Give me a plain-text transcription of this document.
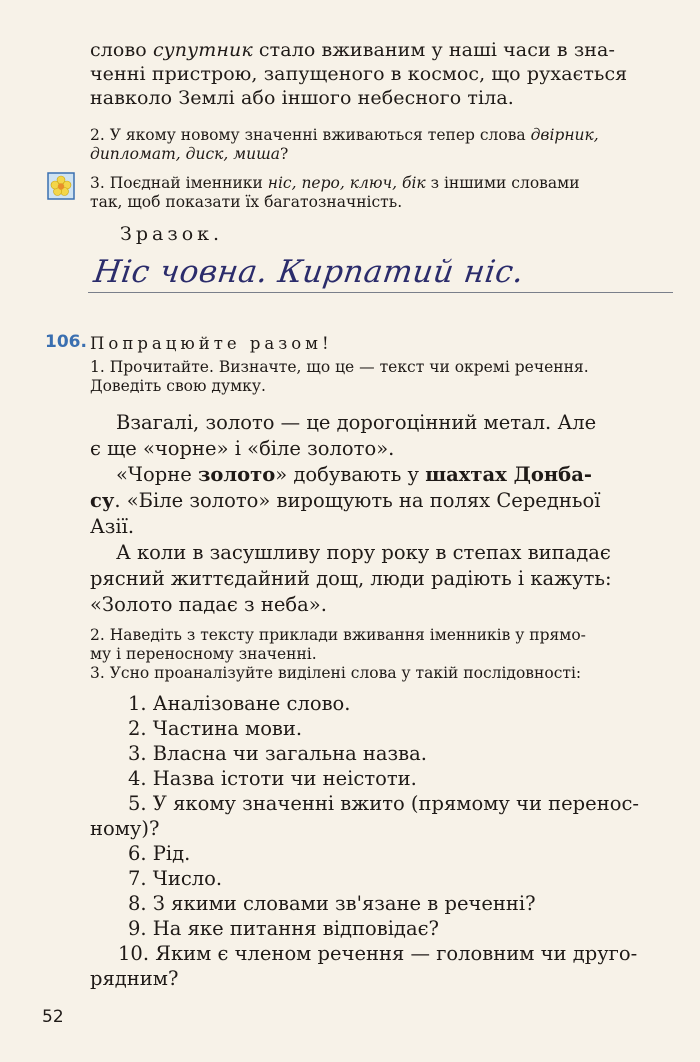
слово супутник стало вживаним у наші часи в зна-

ченні пристрою, запущеного в космос, що рухається

навколо Землі або іншого небесного тіла.

2. У якому новому значенні вживаються тепер слова двірник,

дипломат, диск, миша?

3. Поєднай іменники ніс, перо, ключ, бік з іншими словами

так, щоб показати їх багатозначність.

Зразок.
Ніс човна. Кирпатий ніс.
106. Попрацюйте разом!

1. Прочитайте. Визначте, що це — текст чи окремі речення.

Доведіть свою думку.

Взагалі, золото — це дорогоцінний метал. Але

є ще «чорне» і «біле золото».

«Чорне золото» добувають у шахтах Донба-

су. «Біле золото» вирощують на полях Середньої

Азії.

А коли в засушливу пору року в степах випадає

рясний життєдайний дощ, люди радіють і кажуть:

«Золото падає з неба».

2. Наведіть з тексту приклади вживання іменників у прямо-

му і переносному значенні.

3. Усно проаналізуйте виділені слова у такій послідовності:

1. Аналізоване слово.
2. Частина мови.
3. Власна чи загальна назва.
4. Назва істоти чи неістоти.
5. У якому значенні вжито (прямому чи перенос-
ному)?
6. Рід.
7. Число.
8. З якими словами зв'язане в реченні?
9. На яке питання відповідає?
10. Яким є членом речення — головним чи друго-
рядним?
52
